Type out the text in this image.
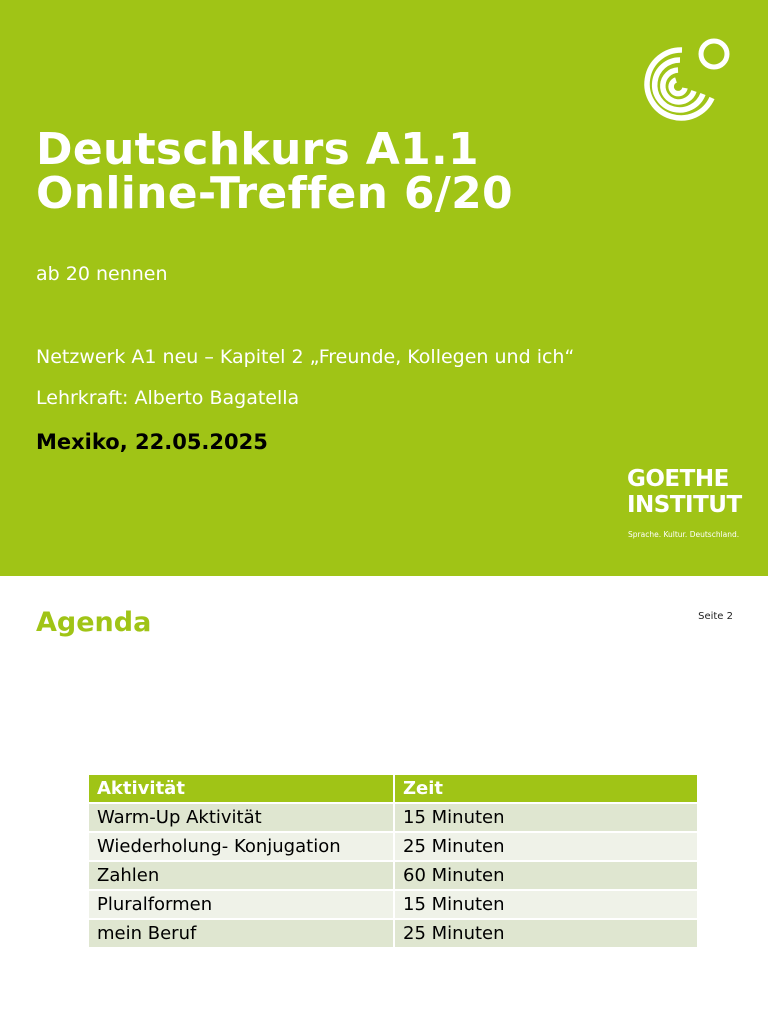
Deutschkurs A1.1
Online-Treffen 6/20
ab 20 nennen
Netzwerk A1 neu – Kapitel 2 „Freunde, Kollegen und ich“
Lehrkraft: Alberto Bagatella
Mexiko, 22.05.2025
GOETHE
INSTITUT
Sprache. Kultur. Deutschland.
Agenda	Seite 2
Aktivität	Zeit
Warm-Up Aktivität	15 Minuten
Wiederholung- Konjugation	25 Minuten
Zahlen	60 Minuten
Pluralformen	15 Minuten
mein Beruf	25 Minuten
